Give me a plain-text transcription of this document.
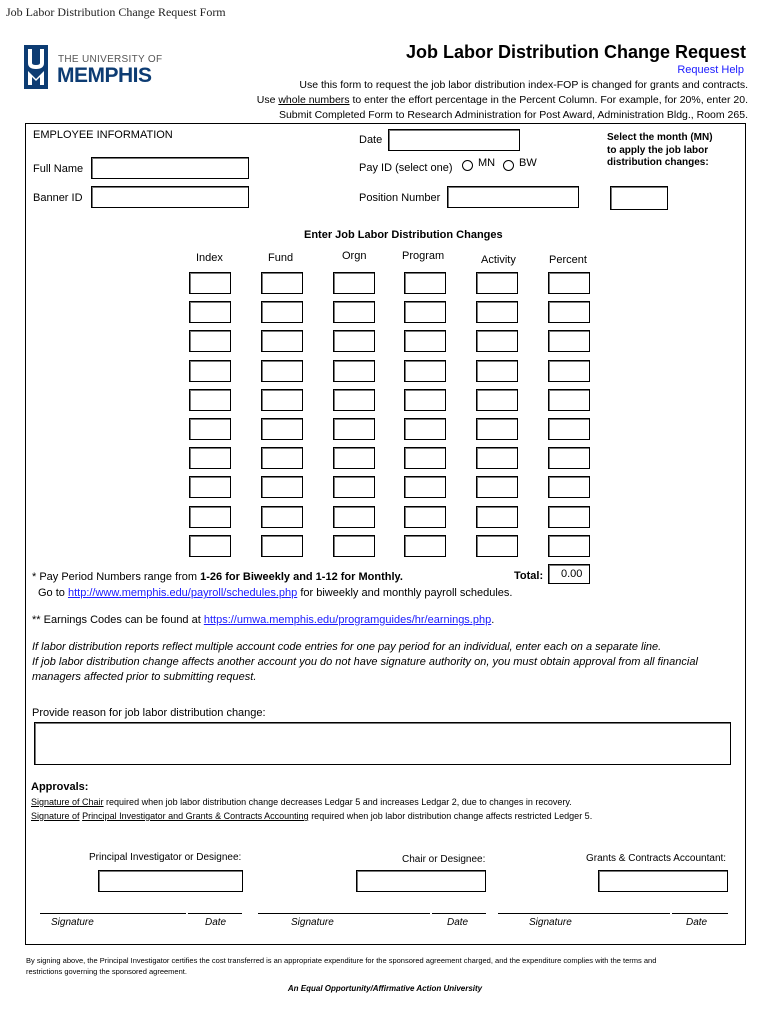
Job Labor Distribution Change Request Form
THE UNIVERSITY OF
MEMPHIS
Job Labor Distribution Change Request
Request Help
Use this form to request the job labor distribution index-FOP is changed for grants and contracts.
Use whole numbers to enter the effort percentage in the Percent Column. For example, for 20%, enter 20.
Submit Completed Form to Research Administration for Post Award, Administration Bldg., Room 265.
EMPLOYEE INFORMATION
Full Name
Banner ID
Date
Pay ID (select one) MN BW
Position Number
Select the month (MN)
to apply the job labor
distribution changes:
Enter Job Labor Distribution Changes
Index	Fund	Orgn	Program	Activity	Percent
Total: 0.00
* Pay Period Numbers range from 1-26 for Biweekly and 1-12 for Monthly.
Go to http://www.memphis.edu/payroll/schedules.php for biweekly and monthly payroll schedules.
** Earnings Codes can be found at https://umwa.memphis.edu/programguides/hr/earnings.php.
If labor distribution reports reflect multiple account code entries for one pay period for an individual, enter each on a separate line.
If job labor distribution change affects another account you do not have signature authority on, you must obtain approval from all financial
managers affected prior to submitting request.
Provide reason for job labor distribution change:
Approvals:
Signature of Chair required when job labor distribution change decreases Ledgar 5 and increases Ledgar 2, due to changes in recovery.
Signature of Principal Investigator and Grants & Contracts Accounting required when job labor distribution change affects restricted Ledger 5.
Principal Investigator or Designee:	Chair or Designee:	Grants & Contracts Accountant:
Signature	Date	Signature	Date	Signature	Date
By signing above, the Principal Investigator certifies the cost transferred is an appropriate expenditure for the sponsored agreement charged, and the expenditure complies with the terms and
restrictions governing the sponsored agreement.
An Equal Opportunity/Affirmative Action University
